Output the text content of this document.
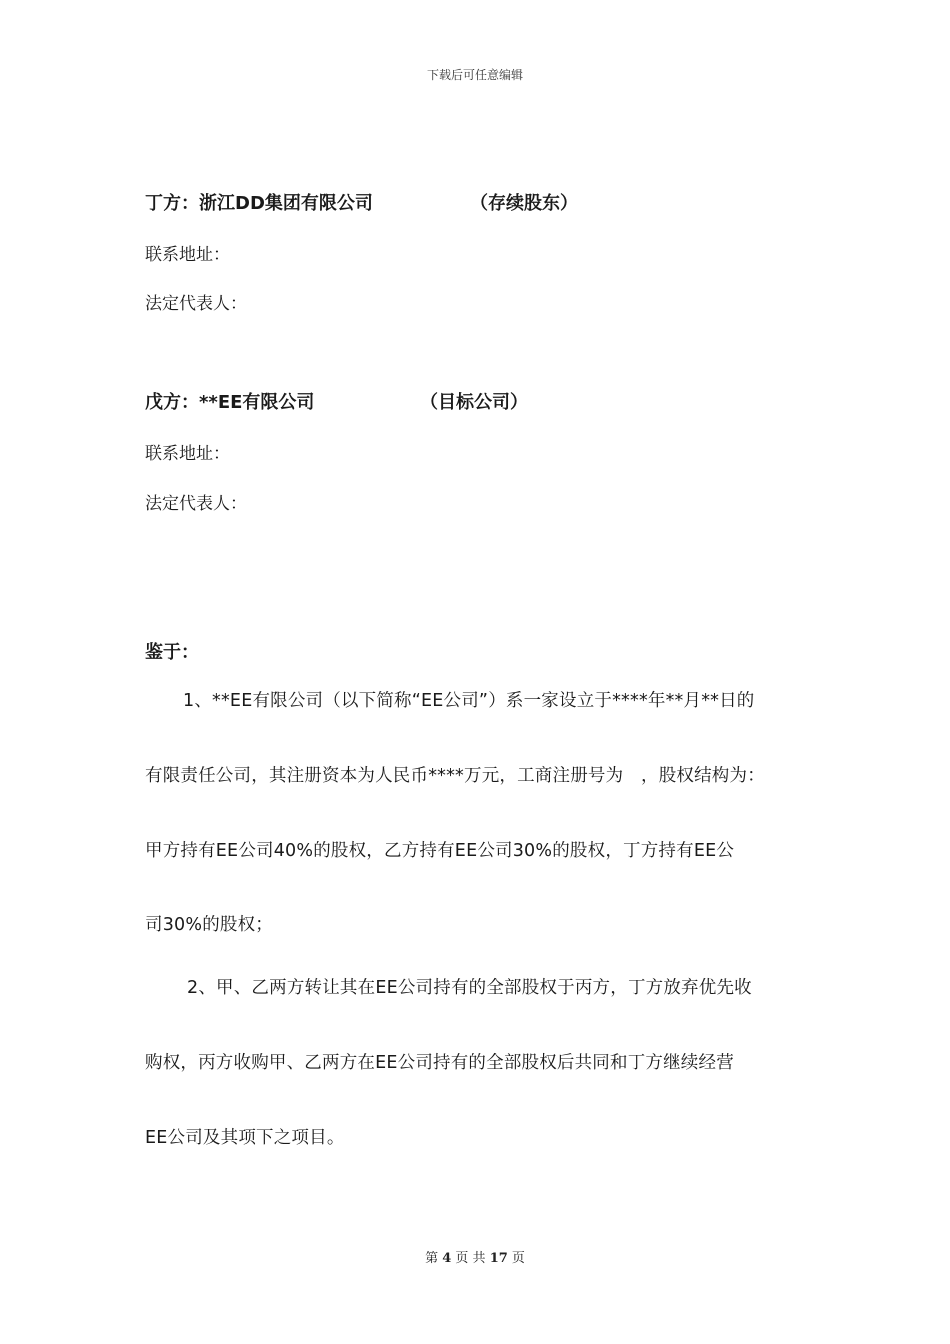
下载后可任意编辑
丁方：浙江DD集团有限公司	（存续股东）
联系地址：
法定代表人：
戊方：**EE有限公司	（目标公司）
联系地址：
法定代表人：
鉴于：
1、**EE有限公司（以下简称“EE公司”）系一家设立于****年**月**日的
有限责任公司，其注册资本为人民币****万元，工商注册号为　，股权结构为：
甲方持有EE公司40%的股权，乙方持有EE公司30%的股权，丁方持有EE公
司30%的股权；
2、甲、乙两方转让其在EE公司持有的全部股权于丙方，丁方放弃优先收
购权，丙方收购甲、乙两方在EE公司持有的全部股权后共同和丁方继续经营
EE公司及其项下之项目。
第 4 页 共 17 页
